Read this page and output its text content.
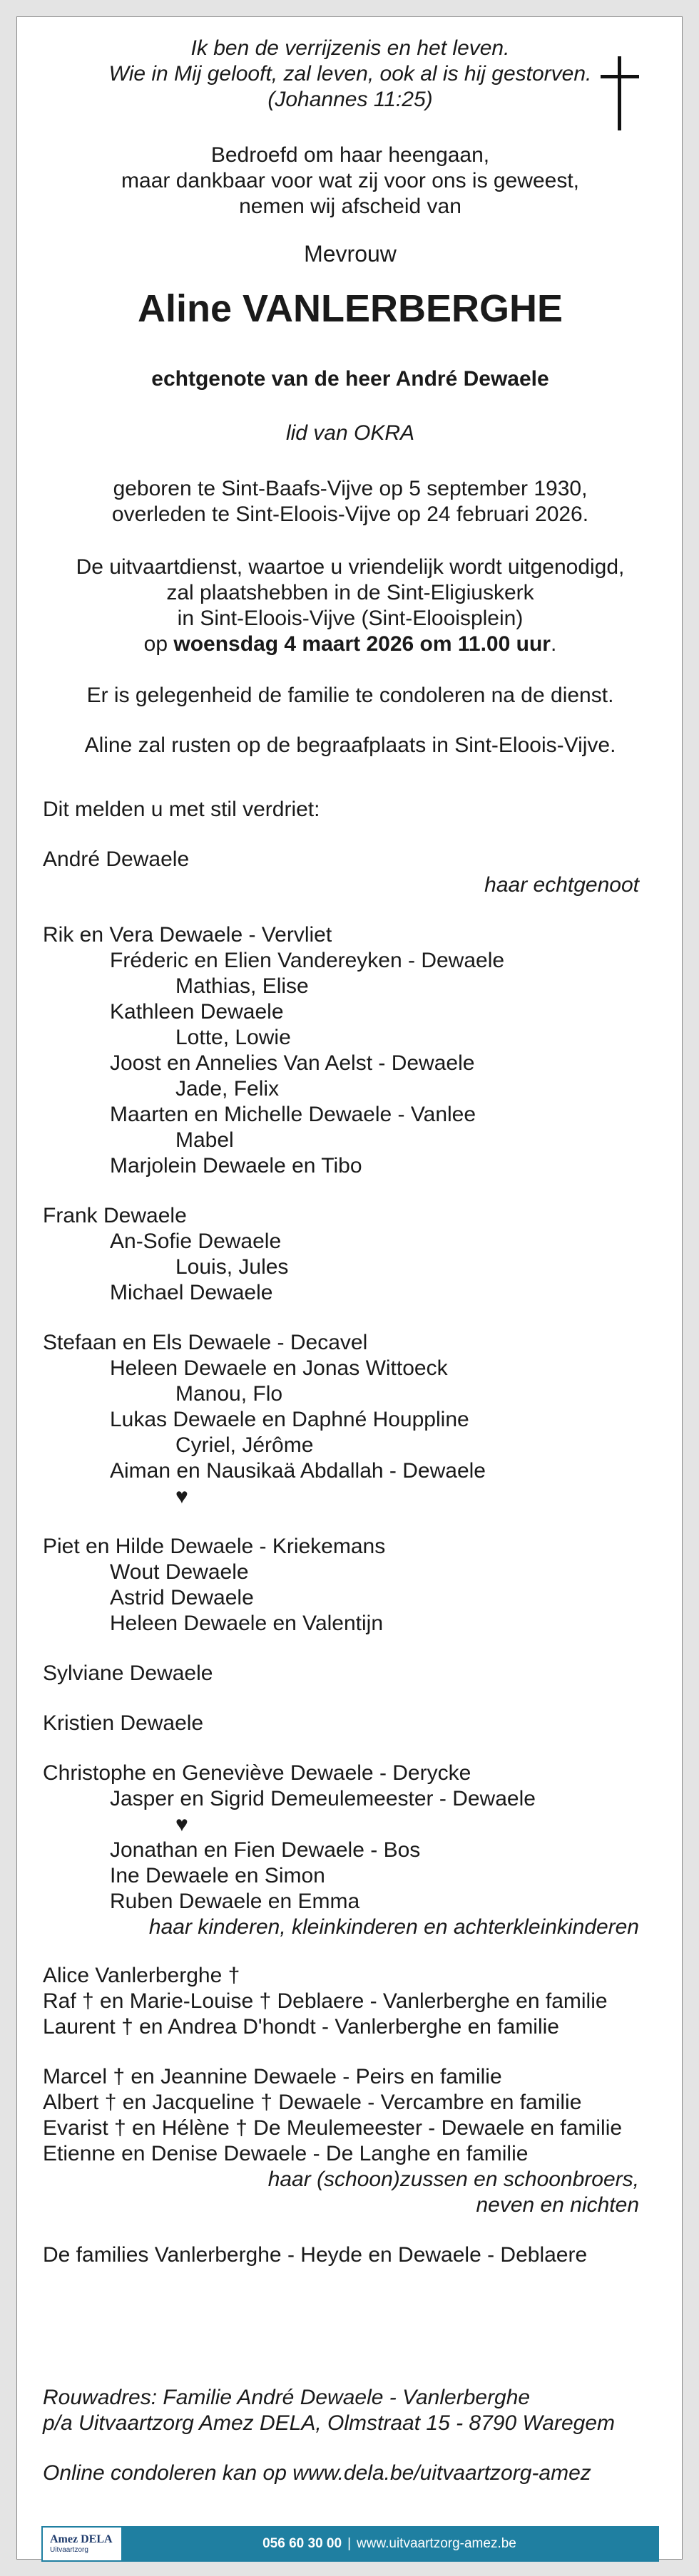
Ik ben de verrijzenis en het leven.

Wie in Mij gelooft, zal leven, ook al is hij gestorven.

(Johannes 11:25)

Bedroefd om haar heengaan,

maar dankbaar voor wat zij voor ons is geweest,

nemen wij afscheid van

Mevrouw

Aline VANLERBERGHE

echtgenote van de heer André Dewaele

lid van OKRA

geboren te Sint-Baafs-Vijve op 5 september 1930,

overleden te Sint-Eloois-Vijve op 24 februari 2026.

De uitvaartdienst, waartoe u vriendelijk wordt uitgenodigd,

zal plaatshebben in de Sint-Eligiuskerk

in Sint-Eloois-Vijve (Sint-Elooisplein)

op woensdag 4 maart 2026 om 11.00 uur.

Er is gelegenheid de familie te condoleren na de dienst.

Aline zal rusten op de begraafplaats in Sint-Eloois-Vijve.

Dit melden u met stil verdriet:

André Dewaele

haar echtgenoot

Rik en Vera Dewaele - Vervliet

Fréderic en Elien Vandereyken - Dewaele

Mathias, Elise

Kathleen Dewaele

Lotte, Lowie

Joost en Annelies Van Aelst - Dewaele

Jade, Felix

Maarten en Michelle Dewaele - Vanlee

Mabel

Marjolein Dewaele en Tibo

Frank Dewaele

An-Sofie Dewaele

Louis, Jules

Michael Dewaele

Stefaan en Els Dewaele - Decavel

Heleen Dewaele en Jonas Wittoeck

Manou, Flo

Lukas Dewaele en Daphné Houppline

Cyriel, Jérôme

Aiman en Nausikaä Abdallah - Dewaele

♥

Piet en Hilde Dewaele - Kriekemans

Wout Dewaele

Astrid Dewaele

Heleen Dewaele en Valentijn

Sylviane Dewaele

Kristien Dewaele

Christophe en Geneviève Dewaele - Derycke

Jasper en Sigrid Demeulemeester - Dewaele

♥

Jonathan en Fien Dewaele - Bos

Ine Dewaele en Simon

Ruben Dewaele en Emma

haar kinderen, kleinkinderen en achterkleinkinderen

Alice Vanlerberghe †

Raf † en Marie-Louise † Deblaere - Vanlerberghe en familie

Laurent † en Andrea D'hondt - Vanlerberghe en familie

Marcel † en Jeannine Dewaele - Peirs en familie

Albert † en Jacqueline † Dewaele - Vercambre en familie

Evarist † en Hélène † De Meulemeester - Dewaele en familie

Etienne en Denise Dewaele - De Langhe en familie

haar (schoon)zussen en schoonbroers,

neven en nichten

De families Vanlerberghe - Heyde en Dewaele - Deblaere

Rouwadres: Familie André Dewaele - Vanlerberghe

p/a Uitvaartzorg Amez DELA, Olmstraat 15 - 8790 Waregem

Online condoleren kan op www.dela.be/uitvaartzorg-amez

Amez DELA
Uitvaartzorg	056 60 30 00 | www.uitvaartzorg-amez.be
